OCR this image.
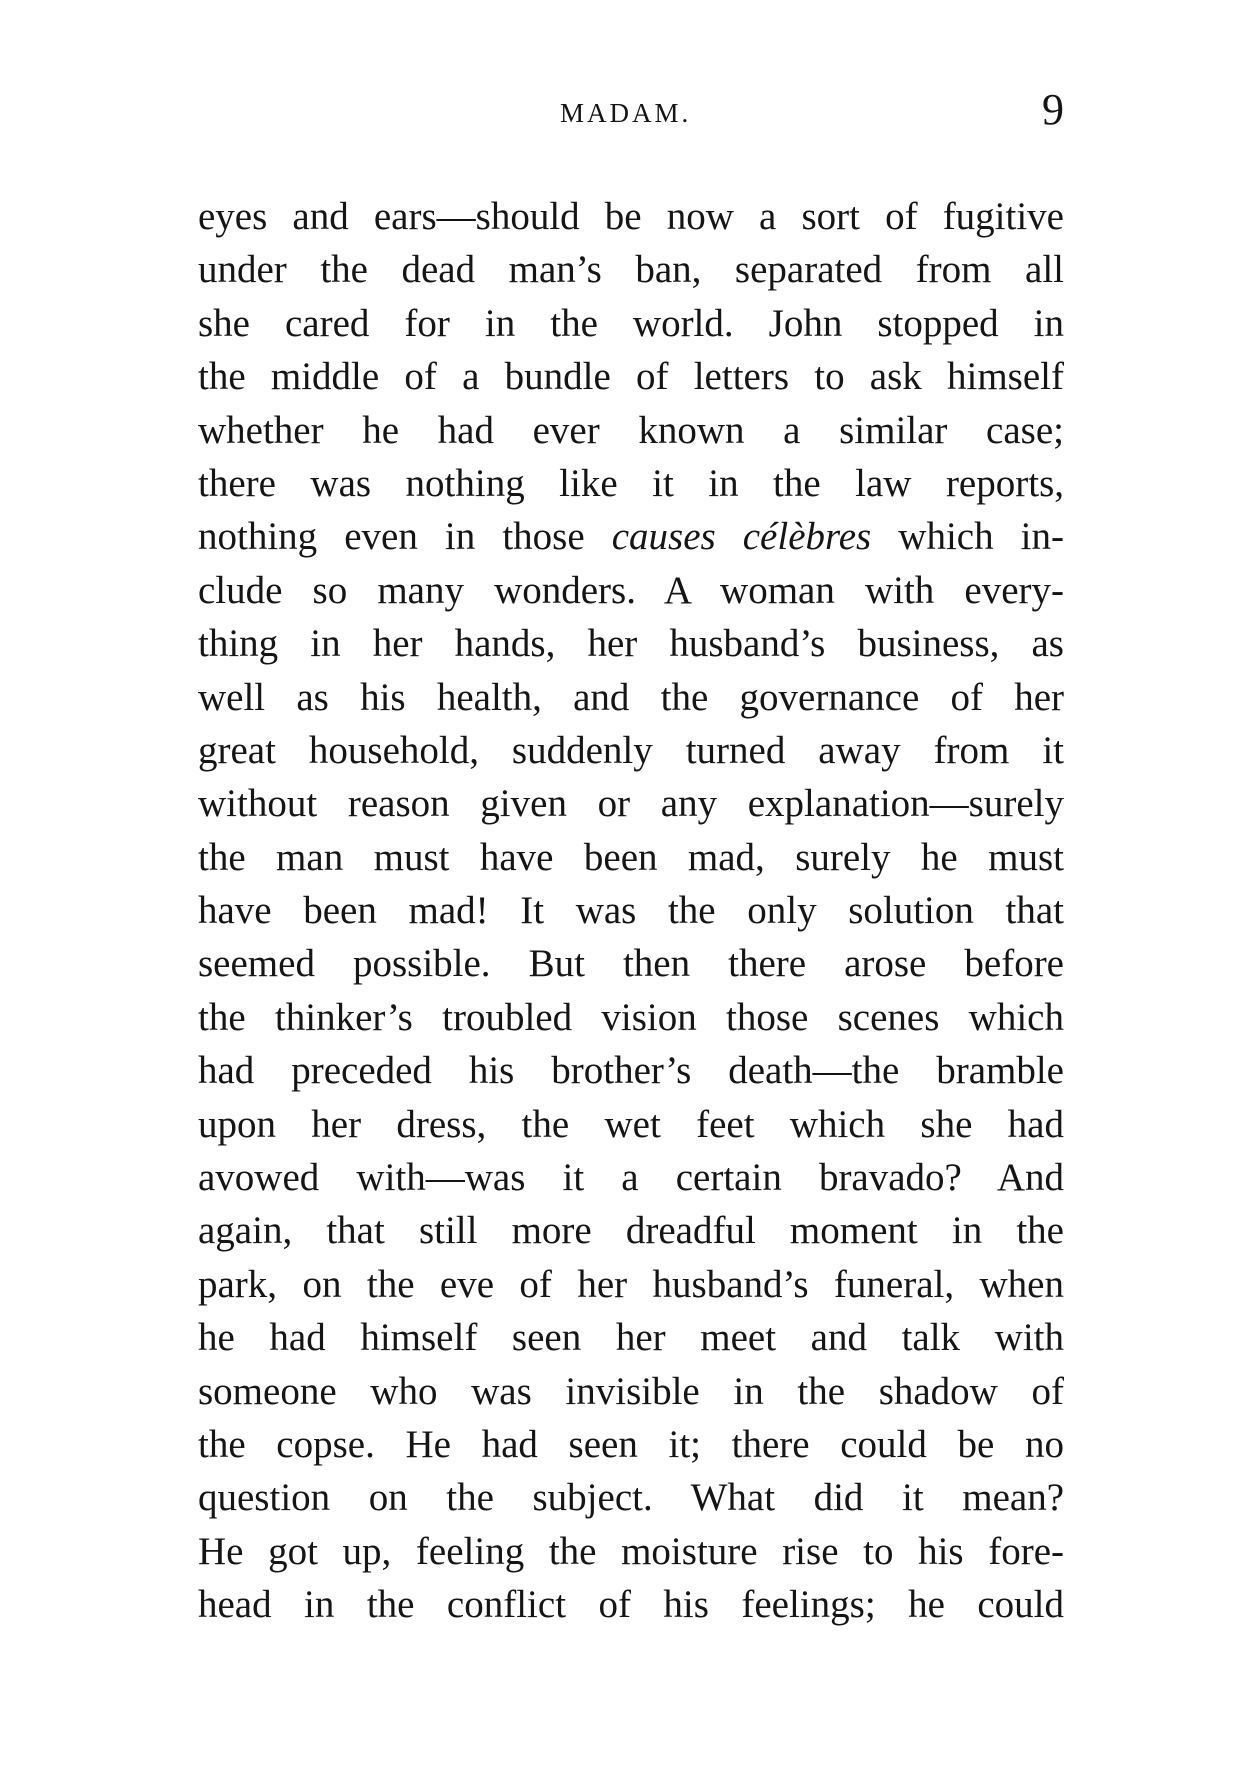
MADAM.	9
eyes and ears—should be now a sort of fugitive
under the dead man’s ban, separated from all
she cared for in the world. John stopped in
the middle of a bundle of letters to ask himself
whether he had ever known a similar case;
there was nothing like it in the law reports,
nothing even in those causes célèbres which in-
clude so many wonders. A woman with every-
thing in her hands, her husband’s business, as
well as his health, and the governance of her
great household, suddenly turned away from it
without reason given or any explanation—surely
the man must have been mad, surely he must
have been mad! It was the only solution that
seemed possible. But then there arose before
the thinker’s troubled vision those scenes which
had preceded his brother’s death—the bramble
upon her dress, the wet feet which she had
avowed with—was it a certain bravado? And
again, that still more dreadful moment in the
park, on the eve of her husband’s funeral, when
he had himself seen her meet and talk with
someone who was invisible in the shadow of
the copse. He had seen it; there could be no
question on the subject. What did it mean?
He got up, feeling the moisture rise to his fore-
head in the conflict of his feelings; he could
